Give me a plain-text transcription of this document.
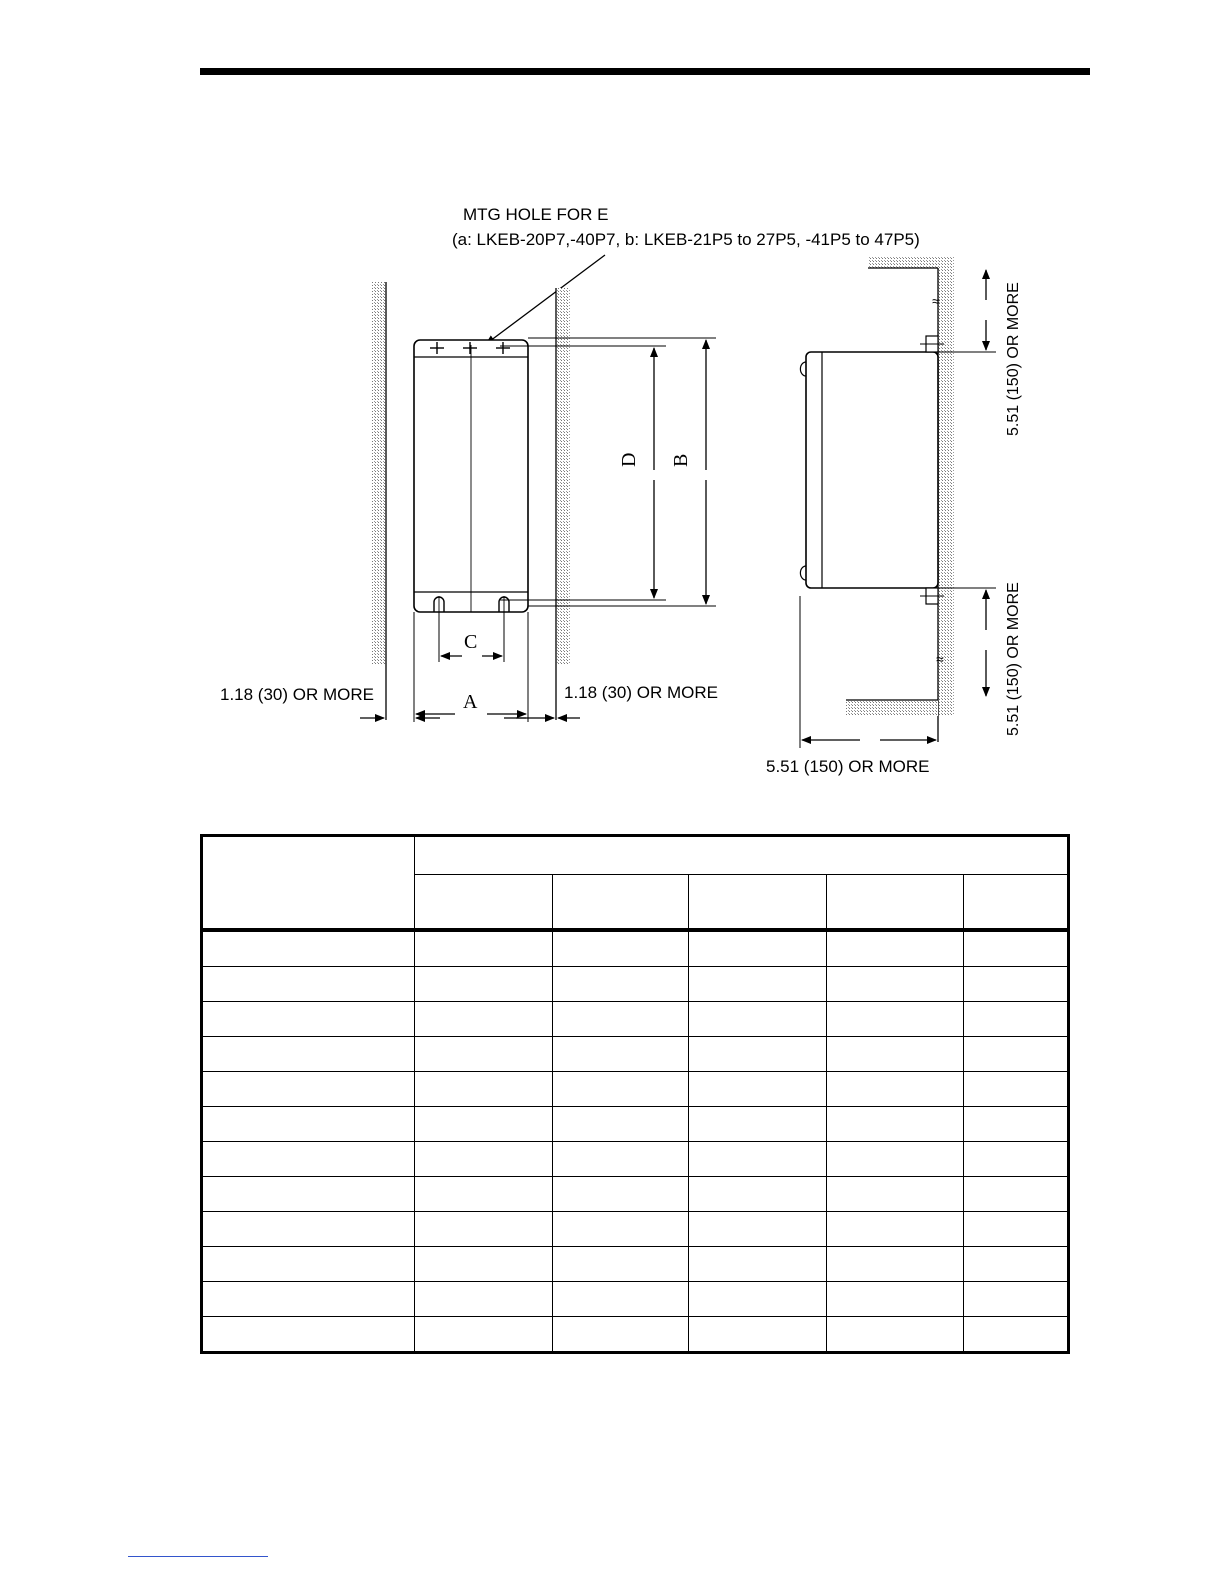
MTG HOLE FOR E
(a: LKEB-20P7,-40P7, b: LKEB-21P5 to 27P5, -41P5 to 47P5)
D B
C
A
1.18 (30) OR MORE	1.18 (30) OR MORE
≈
≈
5.51 (150) OR MORE
5.51 (150) OR MORE
5.51 (150) OR MORE
